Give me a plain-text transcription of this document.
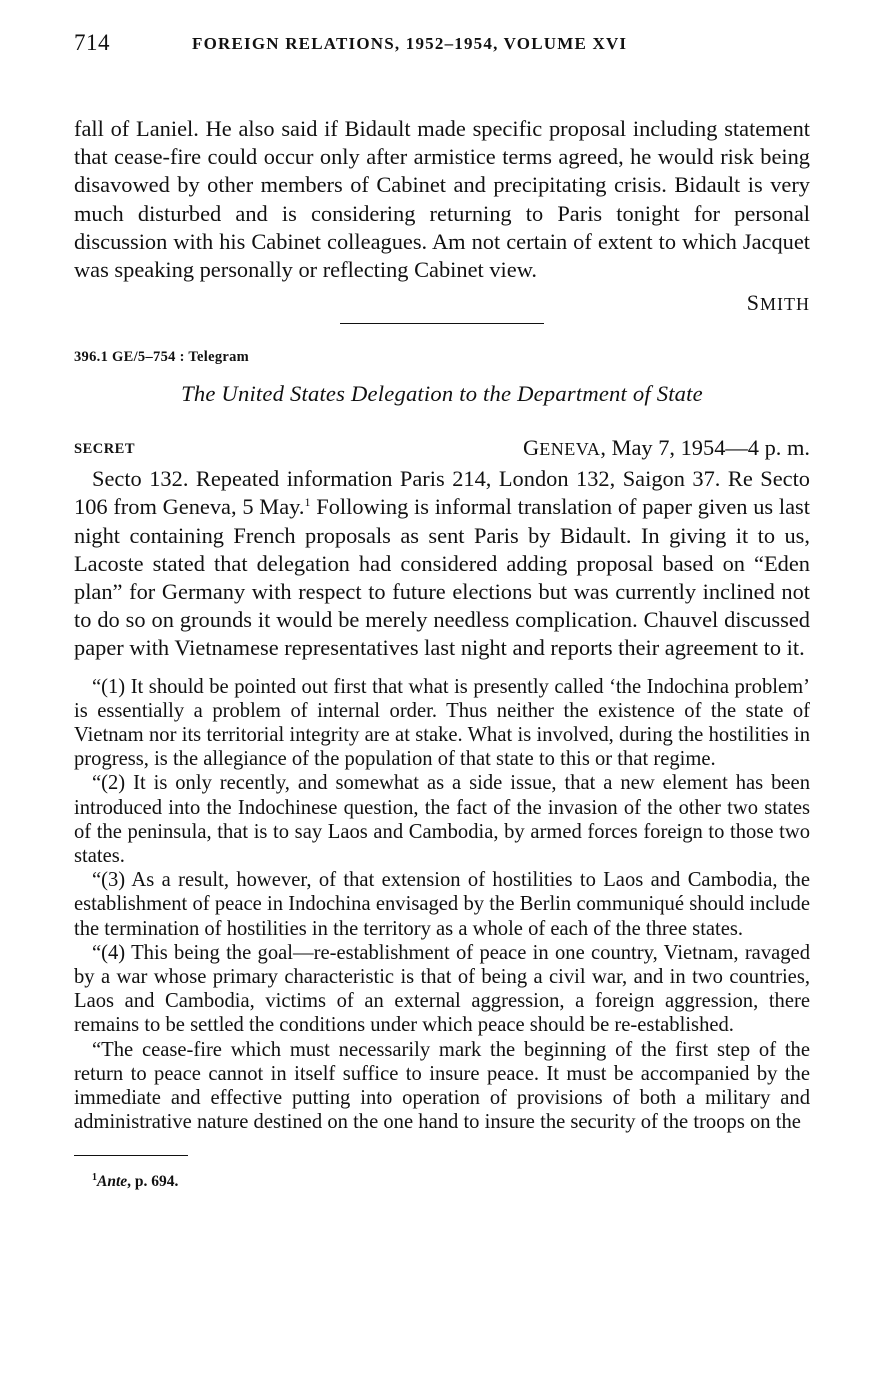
714	FOREIGN RELATIONS, 1952–1954, VOLUME XVI

fall of Laniel. He also said if Bidault made specific proposal including statement that cease-fire could occur only after armistice terms agreed, he would risk being disavowed by other members of Cabinet and precipitating crisis. Bidault is very much disturbed and is considering returning to Paris tonight for personal discussion with his Cabinet colleagues. Am not certain of extent to which Jacquet was speaking personally or reflecting Cabinet view.

SMITH
396.1 GE/5–754 : Telegram
The United States Delegation to the Department of State
SECRET	GENEVA, May 7, 1954—4 p. m.

Secto 132. Repeated information Paris 214, London 132, Saigon 37. Re Secto 106 from Geneva, 5 May.$^1$ Following is informal translation of paper given us last night containing French proposals as sent Paris by Bidault. In giving it to us, Lacoste stated that delegation had considered adding proposal based on “Eden plan” for Germany with respect to future elections but was currently inclined not to do so on grounds it would be merely needless complication. Chauvel discussed paper with Vietnamese representatives last night and reports their agreement to it.

“(1) It should be pointed out first that what is presently called ‘the Indochina problem’ is essentially a problem of internal order. Thus neither the existence of the state of Vietnam nor its territorial integrity are at stake. What is involved, during the hostilities in progress, is the allegiance of the population of that state to this or that regime.

“(2) It is only recently, and somewhat as a side issue, that a new element has been introduced into the Indochinese question, the fact of the invasion of the other two states of the peninsula, that is to say Laos and Cambodia, by armed forces foreign to those two states.

“(3) As a result, however, of that extension of hostilities to Laos and Cambodia, the establishment of peace in Indochina envisaged by the Berlin communiqué should include the termination of hostilities in the territory as a whole of each of the three states.

“(4) This being the goal—re-establishment of peace in one country, Vietnam, ravaged by a war whose primary characteristic is that of being a civil war, and in two countries, Laos and Cambodia, victims of an external aggression, a foreign aggression, there remains to be settled the conditions under which peace should be re-established.

“The cease-fire which must necessarily mark the beginning of the first step of the return to peace cannot in itself suffice to insure peace. It must be accompanied by the immediate and effective putting into operation of provisions of both a military and administrative nature destined on the one hand to insure the security of the troops on the

$^1$Ante, p. 694.
